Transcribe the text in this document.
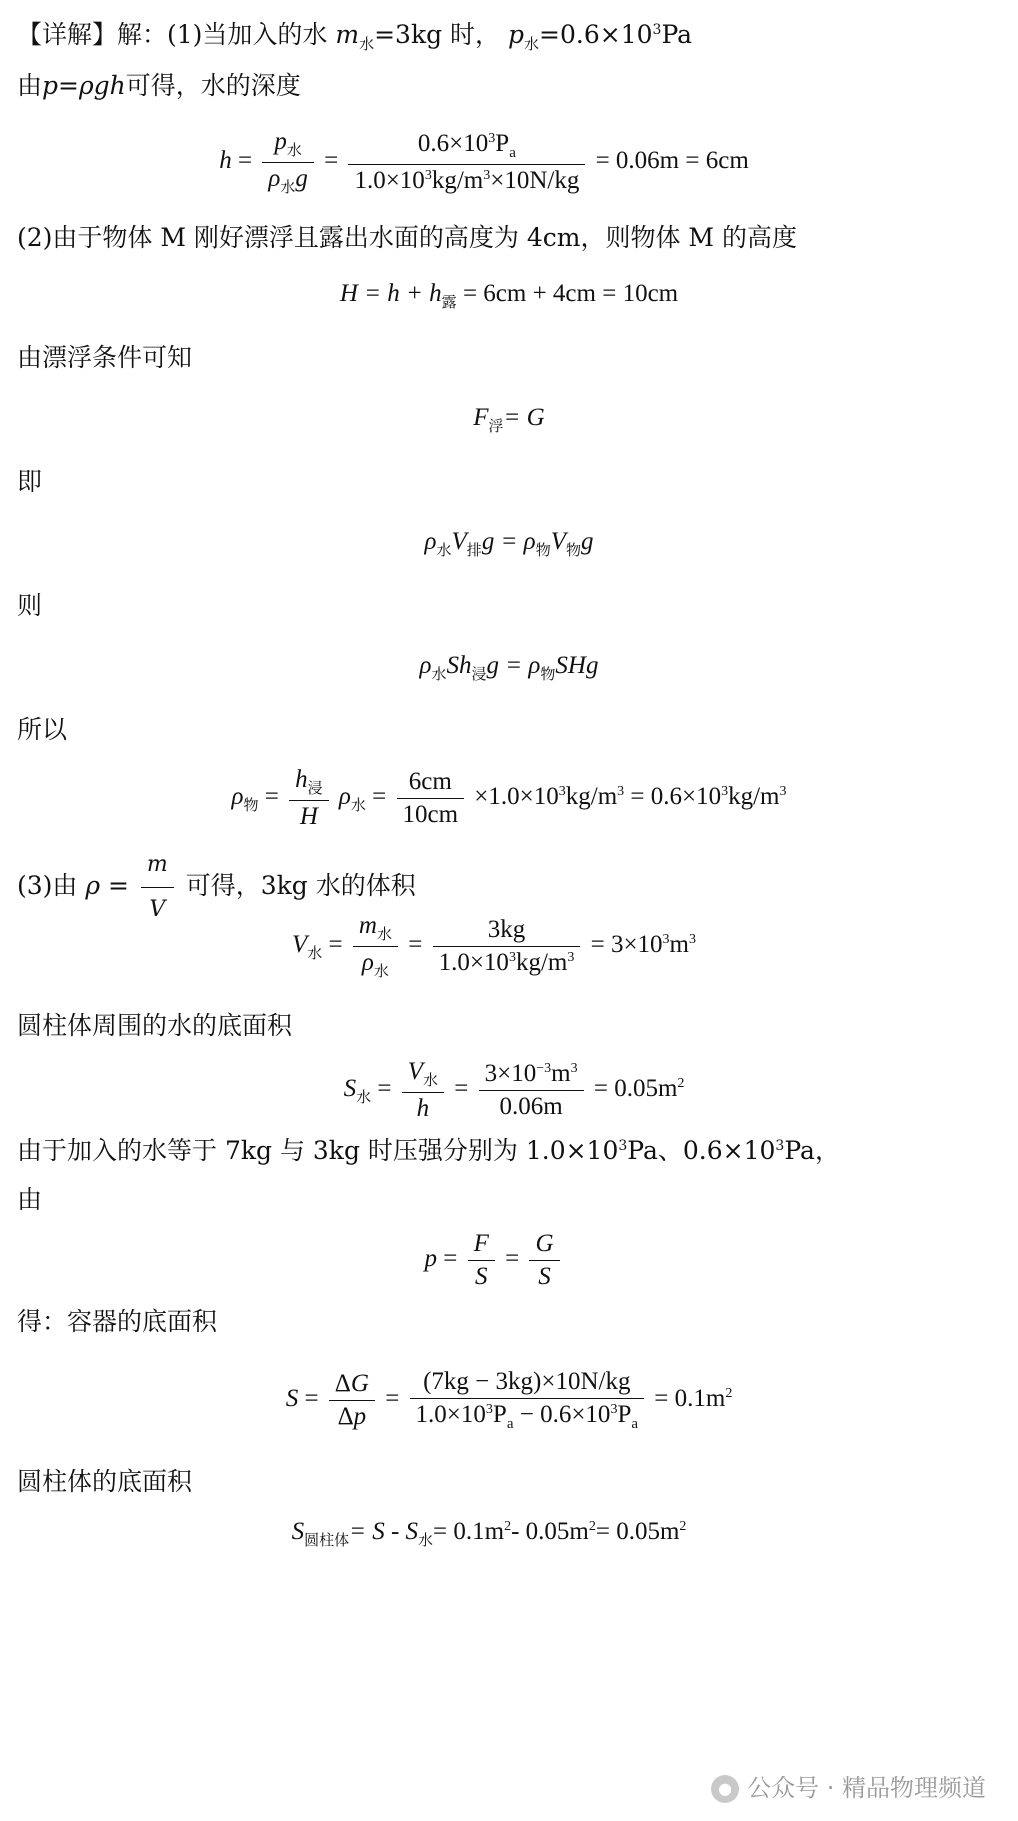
【详解】解：(1)当加入的水 $m_水=3kg$ 时， $p_水=0.6\times 10^3Pa$
由p=ρgh可得，水的深度
$h = \frac{p_水}{\rho_水g} = \frac{0.6\times 10^3P_a}{1.0\times 10^3kg/m^3\times 10N/kg} = 0.06m = 6cm$
(2)由于物体 M 刚好漂浮且露出水面的高度为 4cm，则物体 M 的高度
$H = h + h_露 = 6cm + 4cm = 10cm$
由漂浮条件可知
$F_浮= G$
即
$\rho_水V_排g = \rho_物V_物g$
则
$\rho_水Sh_浸g = \rho_物SHg$
所以
$\rho_物 = \frac{h_浸}{H} \rho_水 = \frac{6cm}{10cm} \times 1.0\times 10^3kg/m^3 = 0.6\times 10^3kg/m^3$
(3)由 $\rho = \frac{m}{V}$ 可得，3kg 水的体积
$V_水 = \frac{m_水}{\rho_水} = \frac{3kg}{1.0\times 10^3kg/m^3} = 3\times 10^3m^3$
圆柱体周围的水的底面积
$S_水 = \frac{V_水}{h} = \frac{3\times 10^{-3}m^3}{0.06m} = 0.05m^2$
由于加入的水等于 7kg 与 3kg 时压强分别为 $1.0\times 10^3Pa$、$0.6\times 10^3Pa$，
由
$p = \frac{F}{S} = \frac{G}{S}$
得：容器的底面积
$S = \frac{\Delta G}{\Delta p} = \frac{(7kg - 3kg)\times 10N/kg}{1.0\times 10^3P_a - 0.6\times 10^3P_a} = 0.1m^2$
圆柱体的底面积
$S_{圆柱体}= S - S_水= 0.1m^2-$ $0.05m^2= 0.05m^2$
● 公众号 · 精品物理频道
